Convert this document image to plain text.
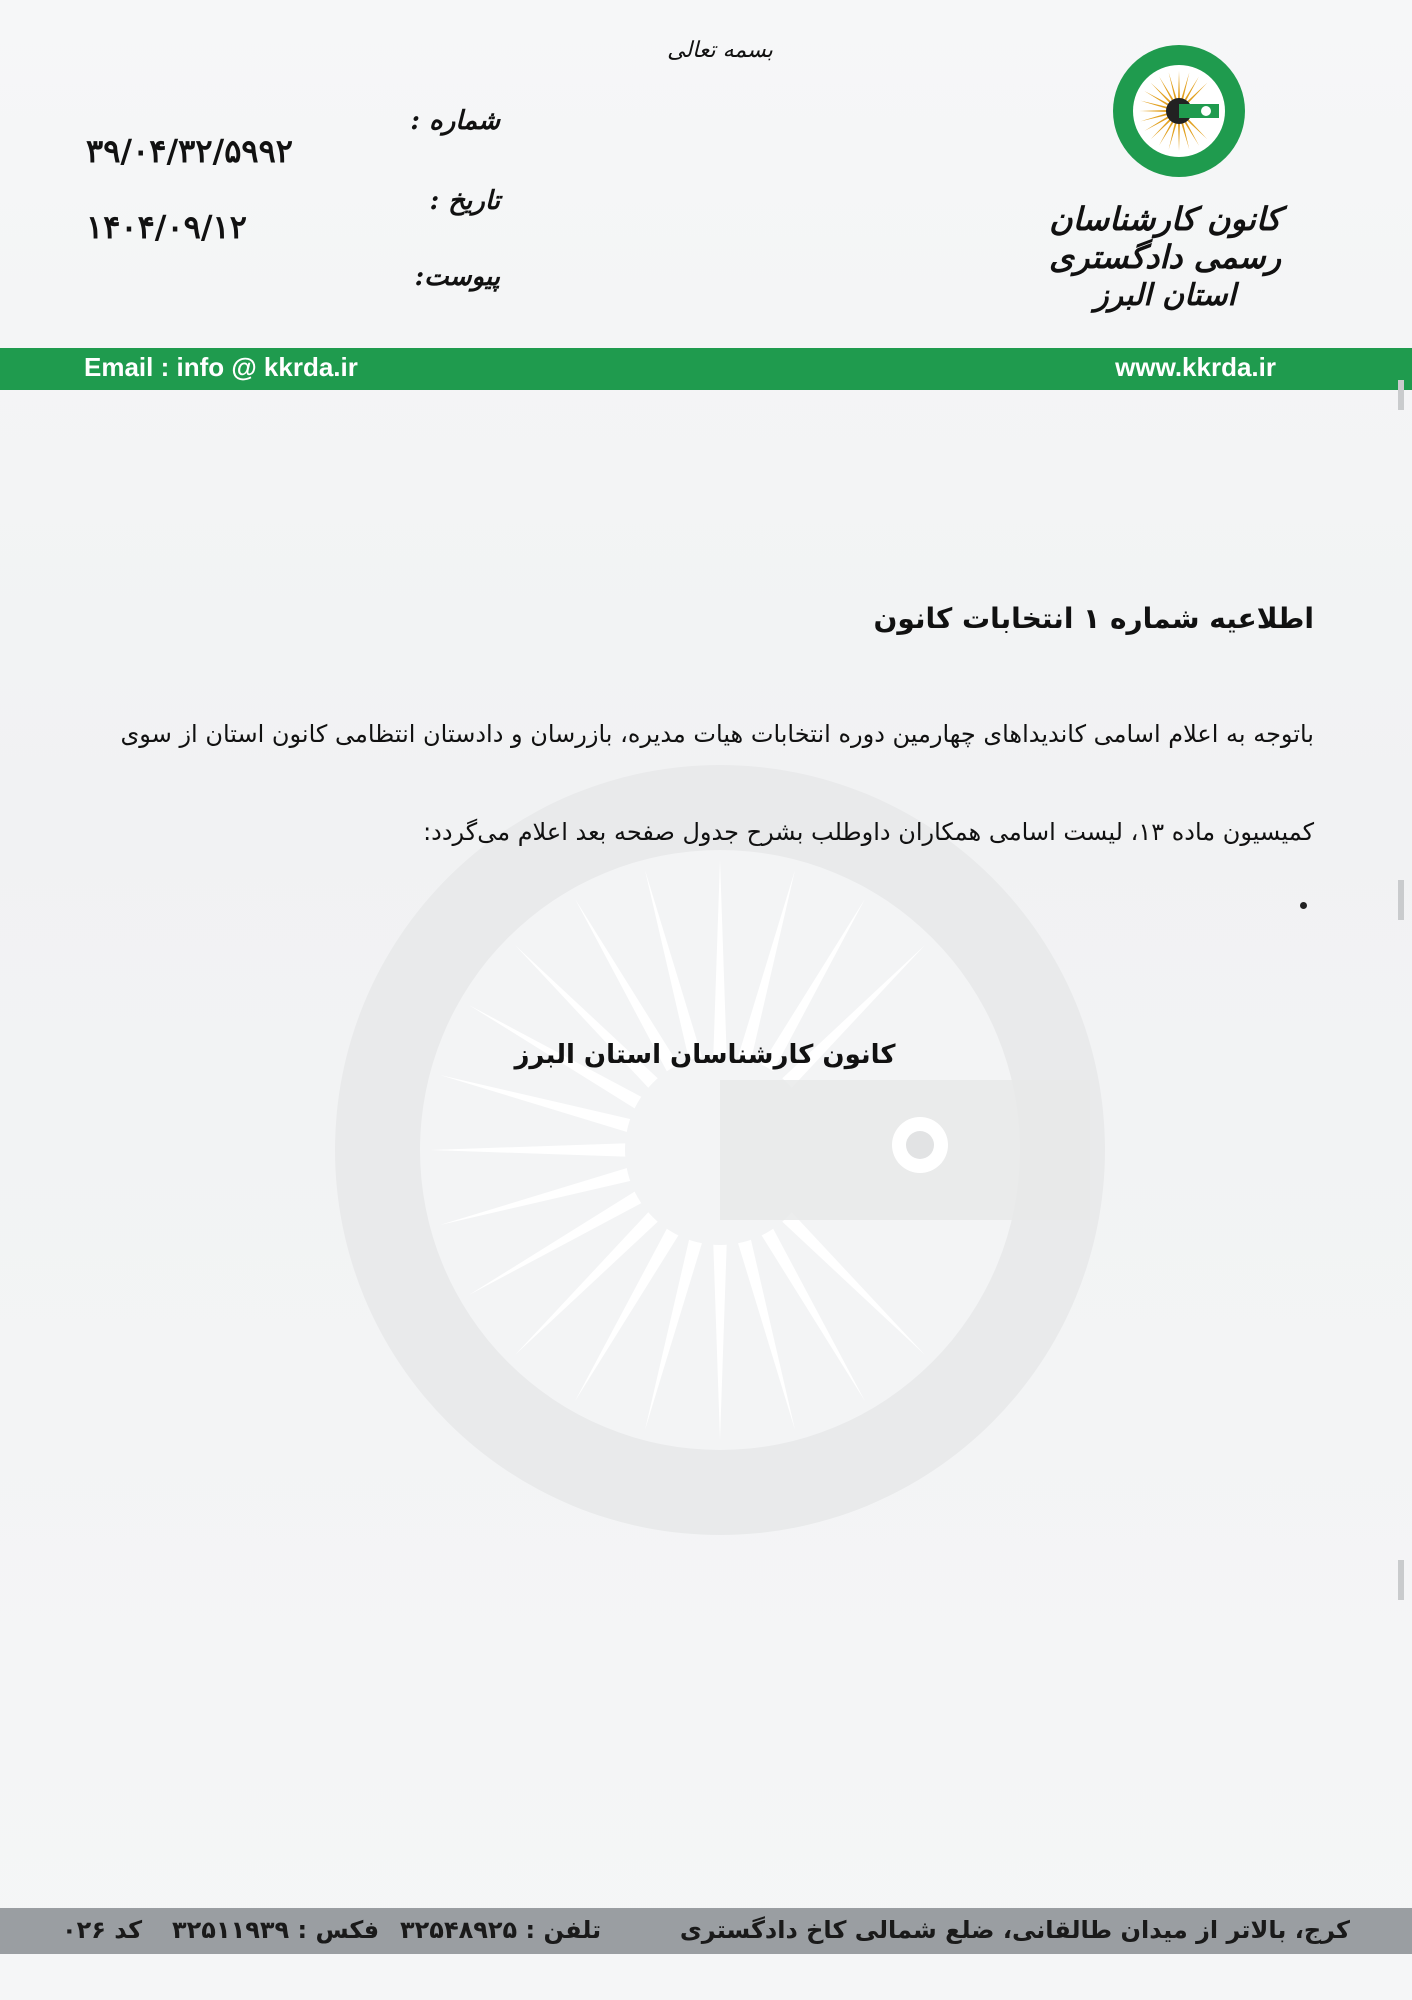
بسمه تعالی
شماره :
۳۹/۰۴/۳۲/۵۹۹۲
تاریخ :
۱۴۰۴/۰۹/۱۲
پیوست:
کانون کارشناسان رسمی دادگستری
استان البرز
Email : info @ kkrda.ir	www.kkrda.ir
اطلاعیه شماره ۱ انتخابات کانون
باتوجه به اعلام اسامی کاندیداهای چهارمین دوره انتخابات هیات مدیره، بازرسان و دادستان انتظامی کانون استان از سوی
کمیسیون ماده ۱۳، لیست اسامی همکاران داوطلب بشرح جدول صفحه بعد اعلام می‌گردد:
کانون کارشناسان استان البرز
کرج، بالاتر از میدان طالقانی، ضلع شمالی کاخ دادگستری
تلفن : ۳۲۵۴۸۹۲۵
فکس : ۳۲۵۱۱۹۳۹
کد ۰۲۶
